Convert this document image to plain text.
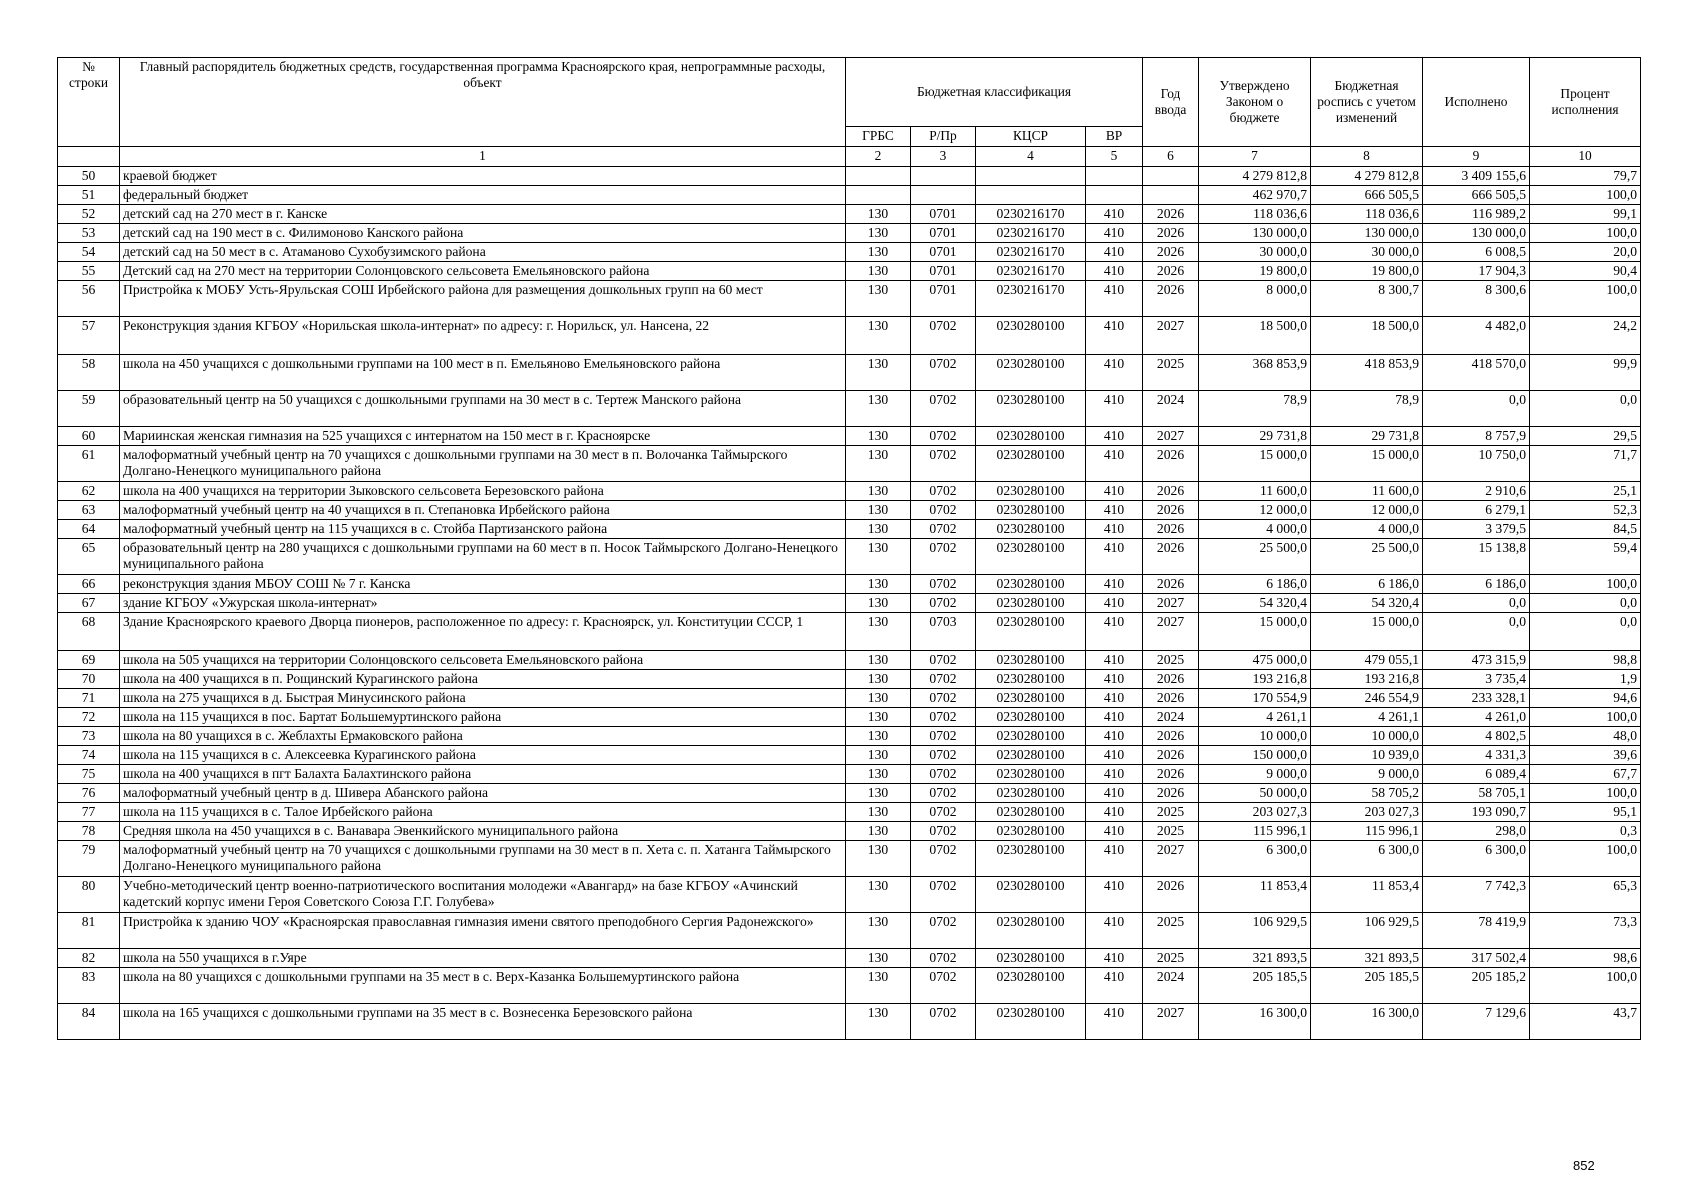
№ строки	Главный распорядитель бюджетных средств, государственная программа Красноярского края, непрограммные расходы, объект	Бюджетная классификация				Год ввода	Утверждено Законом о бюджете	Бюджетная роспись с учетом изменений	Исполнено	Процент исполнения
		ГРБС	Р/Пр	КЦСР	ВР					
	1	2	3	4	5	6	7	8	9	10
50	краевой бюджет						4 279 812,8	4 279 812,8	3 409 155,6	79,7
51	федеральный бюджет						462 970,7	666 505,5	666 505,5	100,0
52	детский сад на 270 мест в г. Канске	130	0701	0230216170	410	2026	118 036,6	118 036,6	116 989,2	99,1
53	детский сад на 190 мест в с. Филимоново Канского района	130	0701	0230216170	410	2026	130 000,0	130 000,0	130 000,0	100,0
54	детский сад на 50 мест в с. Атаманово Сухобузимского района	130	0701	0230216170	410	2026	30 000,0	30 000,0	6 008,5	20,0
55	Детский сад на 270 мест на территории Солонцовского сельсовета Емельяновского района	130	0701	0230216170	410	2026	19 800,0	19 800,0	17 904,3	90,4
56	Пристройка к МОБУ Усть-Ярульская СОШ Ирбейского района для размещения дошкольных групп на 60 мест	130	0701	0230216170	410	2026	8 000,0	8 300,7	8 300,6	100,0
57	Реконструкция здания КГБОУ «Норильская школа-интернат» по адресу: г. Норильск, ул. Нансена, 22	130	0702	0230280100	410	2027	18 500,0	18 500,0	4 482,0	24,2
58	школа на 450 учащихся с дошкольными группами на 100 мест в п. Емельяново Емельяновского района	130	0702	0230280100	410	2025	368 853,9	418 853,9	418 570,0	99,9
59	образовательный центр на 50 учащихся с дошкольными группами на 30 мест в с. Тертеж Манского района	130	0702	0230280100	410	2024	78,9	78,9	0,0	0,0
60	Мариинская женская гимназия на 525 учащихся с интернатом на 150 мест в г. Красноярске	130	0702	0230280100	410	2027	29 731,8	29 731,8	8 757,9	29,5
61	малоформатный учебный центр на 70 учащихся с дошкольными группами на 30 мест в п. Волочанка Таймырского Долгано-Ненецкого муниципального района	130	0702	0230280100	410	2026	15 000,0	15 000,0	10 750,0	71,7
62	школа на 400 учащихся на территории Зыковского сельсовета Березовского района	130	0702	0230280100	410	2026	11 600,0	11 600,0	2 910,6	25,1
63	малоформатный учебный центр на 40 учащихся в п. Степановка Ирбейского района	130	0702	0230280100	410	2026	12 000,0	12 000,0	6 279,1	52,3
64	малоформатный учебный центр на 115 учащихся в с. Стойба Партизанского района	130	0702	0230280100	410	2026	4 000,0	4 000,0	3 379,5	84,5
65	образовательный центр на 280 учащихся с дошкольными группами на 60 мест в п. Носок Таймырского Долгано-Ненецкого муниципального района	130	0702	0230280100	410	2026	25 500,0	25 500,0	15 138,8	59,4
66	реконструкция здания МБОУ СОШ № 7 г. Канска	130	0702	0230280100	410	2026	6 186,0	6 186,0	6 186,0	100,0
67	здание КГБОУ «Ужурская школа-интернат»	130	0702	0230280100	410	2027	54 320,4	54 320,4	0,0	0,0
68	Здание Красноярского краевого Дворца пионеров, расположенное по адресу: г. Красноярск, ул. Конституции СССР, 1	130	0703	0230280100	410	2027	15 000,0	15 000,0	0,0	0,0
69	школа на 505 учащихся на территории Солонцовского сельсовета Емельяновского района	130	0702	0230280100	410	2025	475 000,0	479 055,1	473 315,9	98,8
70	школа на 400 учащихся в п. Рощинский Курагинского района	130	0702	0230280100	410	2026	193 216,8	193 216,8	3 735,4	1,9
71	школа на 275 учащихся в д. Быстрая Минусинского района	130	0702	0230280100	410	2026	170 554,9	246 554,9	233 328,1	94,6
72	школа на 115 учащихся в пос. Бартат Большемуртинского района	130	0702	0230280100	410	2024	4 261,1	4 261,1	4 261,0	100,0
73	школа на 80 учащихся в с. Жеблахты Ермаковского района	130	0702	0230280100	410	2026	10 000,0	10 000,0	4 802,5	48,0
74	школа на 115 учащихся в с. Алексеевка Курагинского района	130	0702	0230280100	410	2026	150 000,0	10 939,0	4 331,3	39,6
75	школа на 400 учащихся в пгт Балахта Балахтинского района	130	0702	0230280100	410	2026	9 000,0	9 000,0	6 089,4	67,7
76	малоформатный учебный центр в д. Шивера Абанского района	130	0702	0230280100	410	2026	50 000,0	58 705,2	58 705,1	100,0
77	школа на 115 учащихся в с. Талое Ирбейского района	130	0702	0230280100	410	2025	203 027,3	203 027,3	193 090,7	95,1
78	Средняя школа на 450 учащихся в с. Ванавара Эвенкийского муниципального района	130	0702	0230280100	410	2025	115 996,1	115 996,1	298,0	0,3
79	малоформатный учебный центр на 70 учащихся с дошкольными группами на 30 мест в п. Хета с. п. Хатанга Таймырского Долгано-Ненецкого муниципального района	130	0702	0230280100	410	2027	6 300,0	6 300,0	6 300,0	100,0
80	Учебно-методический центр военно-патриотического воспитания молодежи «Авангард» на базе КГБОУ «Ачинский кадетский корпус имени Героя Советского Союза Г.Г. Голубева»	130	0702	0230280100	410	2026	11 853,4	11 853,4	7 742,3	65,3
81	Пристройка к зданию ЧОУ «Красноярская православная гимназия имени святого преподобного Сергия Радонежского»	130	0702	0230280100	410	2025	106 929,5	106 929,5	78 419,9	73,3
82	школа на 550 учащихся в г.Уяре	130	0702	0230280100	410	2025	321 893,5	321 893,5	317 502,4	98,6
83	школа на 80 учащихся с дошкольными группами на 35 мест в с. Верх-Казанка Большемуртинского района	130	0702	0230280100	410	2024	205 185,5	205 185,5	205 185,2	100,0
84	школа на 165 учащихся с дошкольными группами на 35 мест в с. Вознесенка Березовского района	130	0702	0230280100	410	2027	16 300,0	16 300,0	7 129,6	43,7
852
